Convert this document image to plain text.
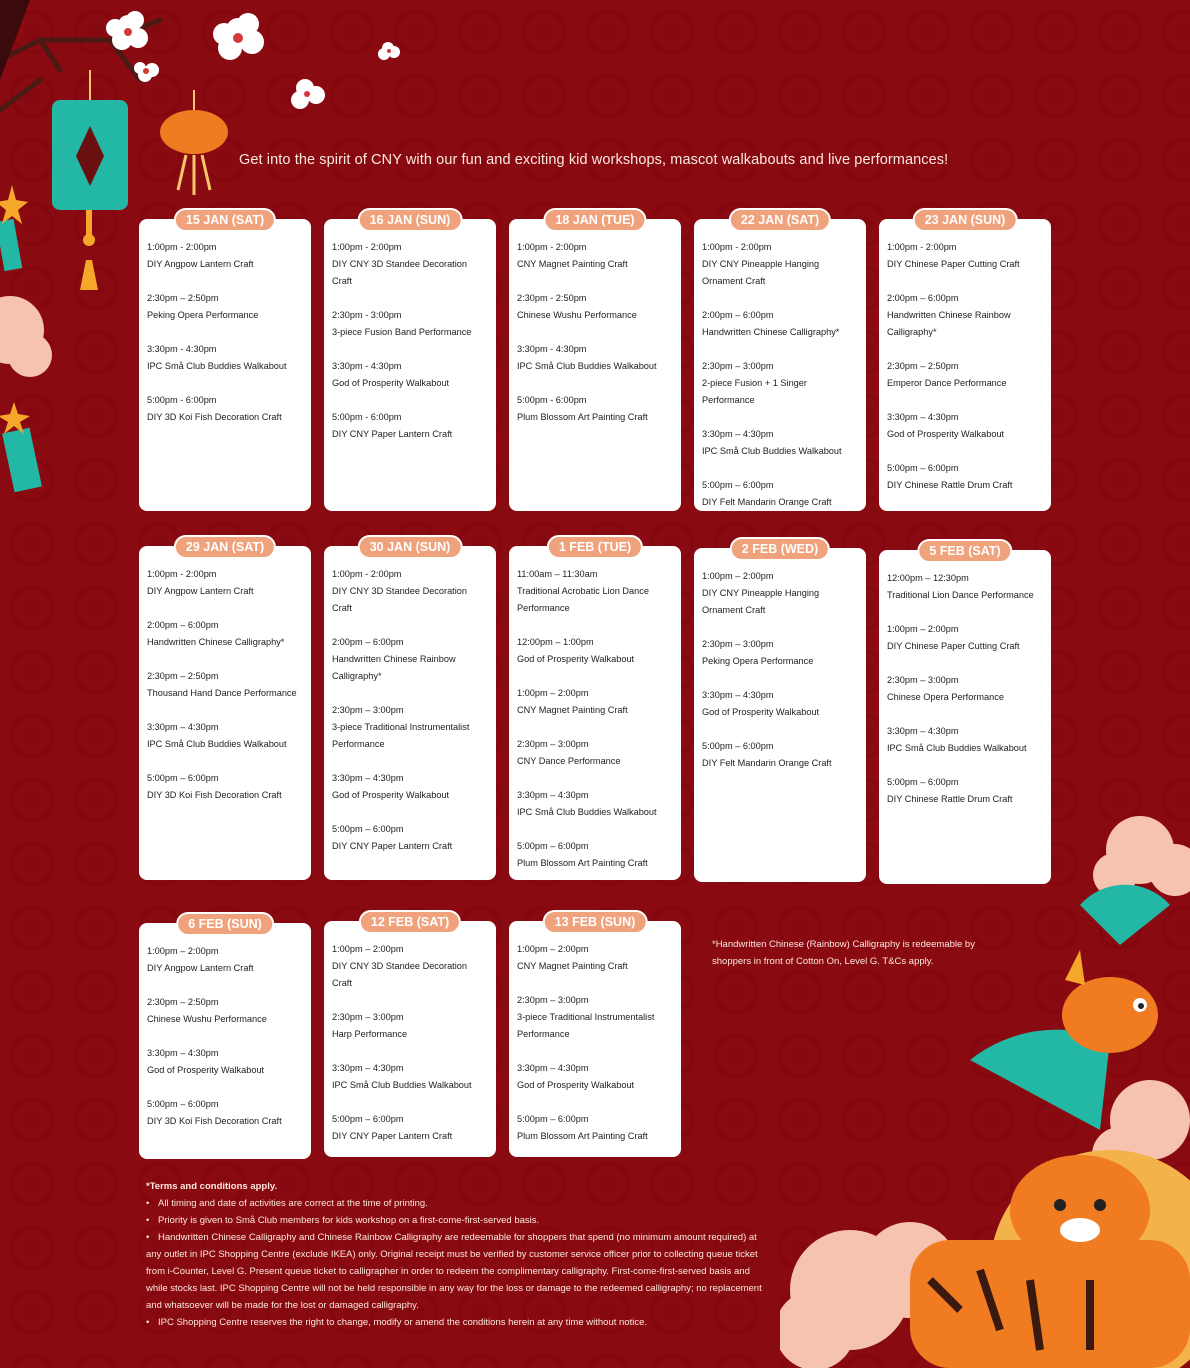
Get into the spirit of CNY with our fun and exciting kid workshops, mascot walkabouts and live performances!
15 JAN (SAT)
1:00pm - 2:00pm
DIY Angpow Lantern Craft
2:30pm – 2:50pm
Peking Opera Performance
3:30pm - 4:30pm
IPC Små Club Buddies Walkabout
5:00pm - 6:00pm
DIY 3D Koi Fish Decoration Craft
16 JAN (SUN)
1:00pm - 2:00pm
DIY CNY 3D Standee Decoration Craft
2:30pm - 3:00pm
3-piece Fusion Band Performance
3:30pm - 4:30pm
God of Prosperity Walkabout
5:00pm - 6:00pm
DIY CNY Paper Lantern Craft
18 JAN (TUE)
1:00pm - 2:00pm
CNY Magnet Painting Craft
2:30pm - 2:50pm
Chinese Wushu Performance
3:30pm - 4:30pm
IPC Små Club Buddies Walkabout
5:00pm - 6:00pm
Plum Blossom Art Painting Craft
22 JAN (SAT)
1:00pm - 2:00pm
DIY CNY Pineapple Hanging Ornament Craft
2:00pm – 6:00pm
Handwritten Chinese Calligraphy*
2:30pm – 3:00pm
2-piece Fusion + 1 Singer Performance
3:30pm – 4:30pm
IPC Små Club Buddies Walkabout
5:00pm – 6:00pm
DIY Felt Mandarin Orange Craft
23 JAN (SUN)
1:00pm - 2:00pm
DIY Chinese Paper Cutting Craft
2:00pm – 6:00pm
Handwritten Chinese Rainbow Calligraphy*
2:30pm – 2:50pm
Emperor Dance Performance
3:30pm – 4:30pm
God of Prosperity Walkabout
5:00pm – 6:00pm
DIY Chinese Rattle Drum Craft
29 JAN (SAT)
1:00pm - 2:00pm
DIY Angpow Lantern Craft
2:00pm – 6:00pm
Handwritten Chinese Calligraphy*
2:30pm – 2:50pm
Thousand Hand Dance Performance
3:30pm – 4:30pm
IPC Små Club Buddies Walkabout
5:00pm – 6:00pm
DIY 3D Koi Fish Decoration Craft
30 JAN (SUN)
1:00pm - 2:00pm
DIY CNY 3D Standee Decoration Craft
2:00pm – 6:00pm
Handwritten Chinese Rainbow Calligraphy*
2:30pm – 3:00pm
3-piece Traditional Instrumentalist Performance
3:30pm – 4:30pm
God of Prosperity Walkabout
5:00pm – 6:00pm
DIY CNY Paper Lantern Craft
1 FEB (TUE)
11:00am – 11:30am
Traditional Acrobatic Lion Dance Performance
12:00pm – 1:00pm
God of Prosperity Walkabout
1:00pm – 2:00pm
CNY Magnet Painting Craft
2:30pm – 3:00pm
CNY Dance Performance
3:30pm – 4:30pm
IPC Små Club Buddies Walkabout
5:00pm – 6:00pm
Plum Blossom Art Painting Craft
2 FEB (WED)
1:00pm – 2:00pm
DIY CNY Pineapple Hanging Ornament Craft
2:30pm – 3:00pm
Peking Opera Performance
3:30pm – 4:30pm
God of Prosperity Walkabout
5:00pm – 6:00pm
DIY Felt Mandarin Orange Craft
5 FEB (SAT)
12:00pm – 12:30pm
Traditional Lion Dance Performance
1:00pm – 2:00pm
DIY Chinese Paper Cutting Craft
2:30pm – 3:00pm
Chinese Opera Performance
3:30pm – 4:30pm
IPC Små Club Buddies Walkabout
5:00pm – 6:00pm
DIY Chinese Rattle Drum Craft
6 FEB (SUN)
1:00pm – 2:00pm
DIY Angpow Lantern Craft
2:30pm – 2:50pm
Chinese Wushu Performance
3:30pm – 4:30pm
God of Prosperity Walkabout
5:00pm – 6:00pm
DIY 3D Koi Fish Decoration Craft
12 FEB (SAT)
1:00pm – 2:00pm
DIY CNY 3D Standee Decoration Craft
2:30pm – 3:00pm
Harp Performance
3:30pm – 4:30pm
IPC Små Club Buddies Walkabout
5:00pm – 6:00pm
DIY CNY Paper Lantern Craft
13 FEB (SUN)
1:00pm – 2:00pm
CNY Magnet Painting Craft
2:30pm – 3:00pm
3-piece Traditional Instrumentalist Performance
3:30pm – 4:30pm
God of Prosperity Walkabout
5:00pm – 6:00pm
Plum Blossom Art Painting Craft
*Handwritten Chinese (Rainbow) Calligraphy is redeemable by shoppers in front of Cotton On, Level G. T&Cs apply.
*Terms and conditions apply.
• All timing and date of activities are correct at the time of printing.
• Priority is given to Små Club members for kids workshop on a first-come-first-served basis.
• Handwritten Chinese Calligraphy and Chinese Rainbow Calligraphy are redeemable for shoppers that spend (no minimum amount required) at any outlet in IPC Shopping Centre (exclude IKEA) only. Original receipt must be verified by customer service officer prior to collecting queue ticket from i-Counter, Level G. Present queue ticket to calligrapher in order to redeem the complimentary calligraphy. First-come-first-served basis and while stocks last. IPC Shopping Centre will not be held responsible in any way for the loss or damage to the redeemed calligraphy; no replacement and whatsoever will be made for the lost or damaged calligraphy.
• IPC Shopping Centre reserves the right to change, modify or amend the conditions herein at any time without notice.
